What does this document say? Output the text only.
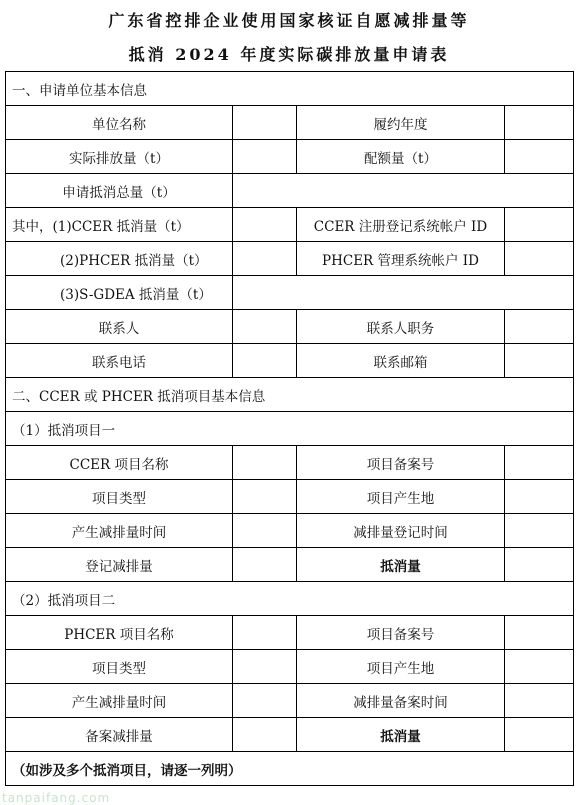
广东省控排企业使用国家核证自愿减排量等
抵消 2024 年度实际碳排放量申请表
一、申请单位基本信息			
单位名称		履约年度	
实际排放量（t）		配额量（t）	
申请抵消总量（t）			
其中，(1)CCER 抵消量（t）		CCER 注册登记系统帐户 ID	
(2)PHCER 抵消量（t）		PHCER 管理系统帐户 ID	
(3)S-GDEA 抵消量（t）			
联系人		联系人职务	
联系电话		联系邮箱	
二、CCER 或 PHCER 抵消项目基本信息			
（1）抵消项目一			
CCER 项目名称		项目备案号	
项目类型		项目产生地	
产生减排量时间		减排量登记时间	
登记减排量		抵消量	
（2）抵消项目二			
PHCER 项目名称		项目备案号	
项目类型		项目产生地	
产生减排量时间		减排量备案时间	
备案减排量		抵消量	
（如涉及多个抵消项目，请逐一列明）			
tanpaifang.com
